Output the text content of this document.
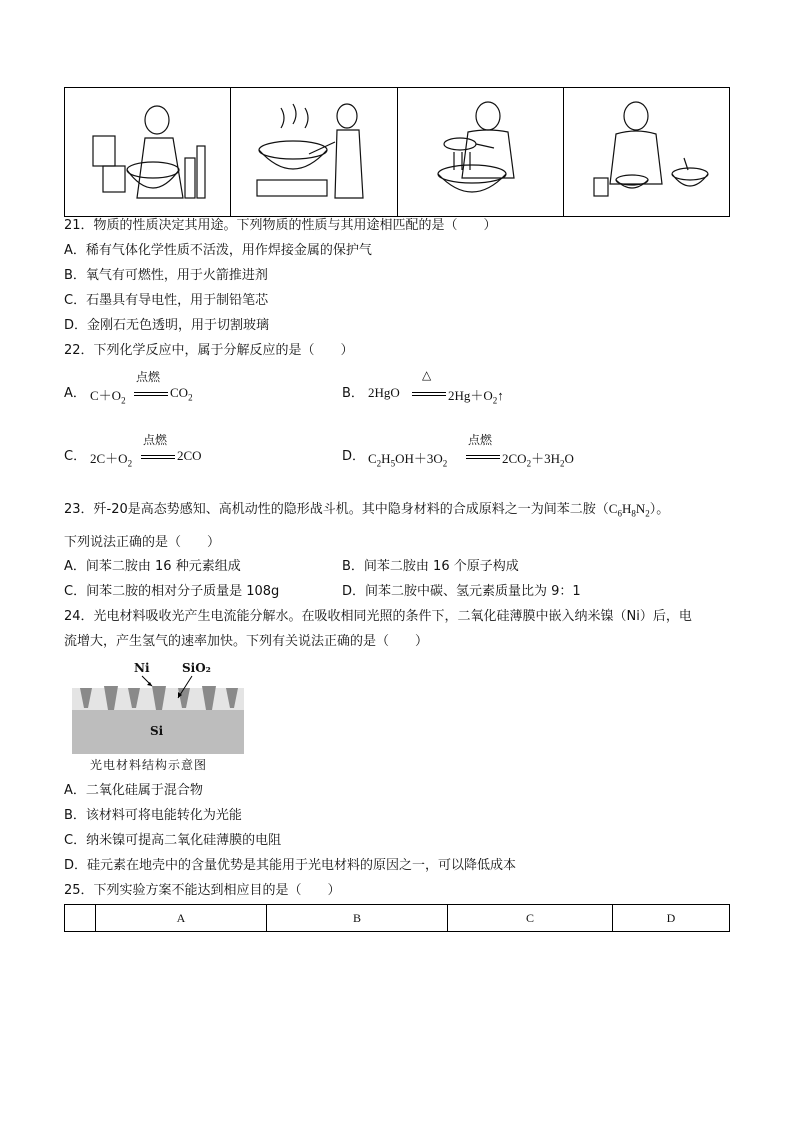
21．物质的性质决定其用途。下列物质的性质与其用途相匹配的是（　　）
A．稀有气体化学性质不活泼，用作焊接金属的保护气
B．氧气有可燃性，用于火箭推进剂
C．石墨具有导电性，用于制铅笔芯
D．金刚石无色透明，用于切割玻璃
22．下列化学反应中，属于分解反应的是（　　）
A． $C+O_2$
点燃
$CO_2$	B． 2HgO
△
$2Hg+O_2↑$
C． $2C+O_2$
点燃
2CO	D． $C_2H_5OH+3O_2$
点燃
$2CO_2+3H_2O$
23．歼-20是高态势感知、高机动性的隐形战斗机。其中隐身材料的合成原料之一为间苯二胺$(C_6H_8N_2)$。
下列说法正确的是（　　）
A．间苯二胺由 16 种元素组成	B．间苯二胺由 16 个原子构成
C．间苯二胺的相对分子质量是 108g	D．间苯二胺中碳、氢元素质量比为 9：1
24．光电材料吸收光产生电流能分解水。在吸收相同光照的条件下，二氧化硅薄膜中嵌入纳米镍（Ni）后，电
流增大，产生氢气的速率加快。下列有关说法正确的是（　　）
Ni	SiO₂
Si
光电材料结构示意图
A．二氧化硅属于混合物
B．该材料可将电能转化为光能
C．纳米镍可提高二氧化硅薄膜的电阻
D．硅元素在地壳中的含量优势是其能用于光电材料的原因之一，可以降低成本
25．下列实验方案不能达到相应目的是（　　）
	A	B	C	D
